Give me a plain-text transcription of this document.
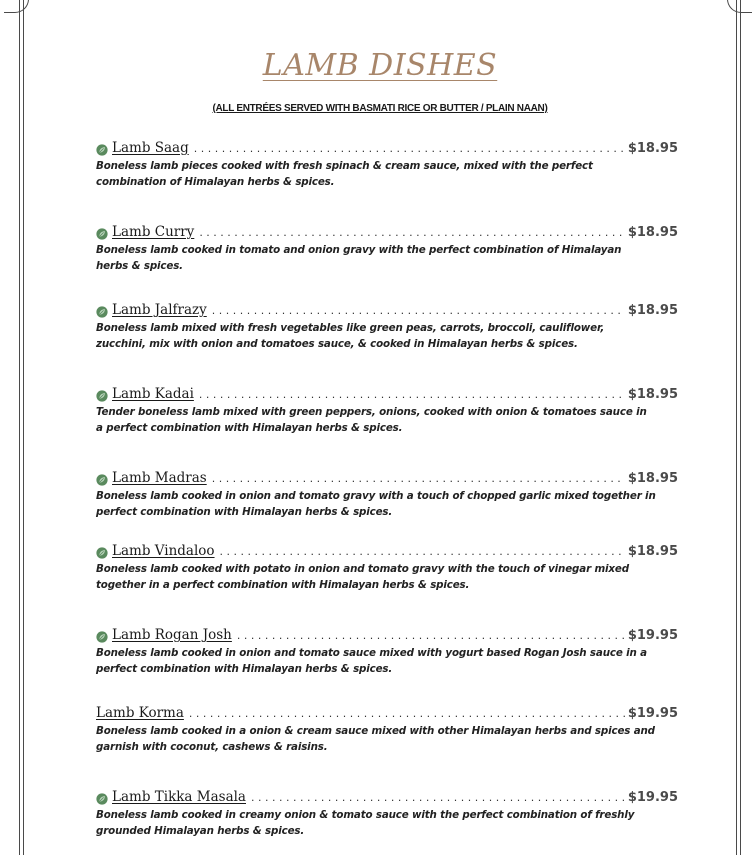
LAMB DISHES
(ALL ENTRÉES SERVED WITH BASMATI RICE OR BUTTER / PLAIN NAAN)
Lamb Saag . . .	$18.95
Boneless lamb pieces cooked with fresh spinach & cream sauce, mixed with the perfect combination of Himalayan herbs & spices.
Lamb Curry . . .	$18.95
Boneless lamb cooked in tomato and onion gravy with the perfect combination of Himalayan herbs & spices.
Lamb Jalfrazy . . .	$18.95
Boneless lamb mixed with fresh vegetables like green peas, carrots, broccoli, cauliflower, zucchini, mix with onion and tomatoes sauce, & cooked in Himalayan herbs & spices.
Lamb Kadai . . .	$18.95
Tender boneless lamb mixed with green peppers, onions, cooked with onion & tomatoes sauce in a perfect combination with Himalayan herbs & spices.
Lamb Madras . . .	$18.95
Boneless lamb cooked in onion and tomato gravy with a touch of chopped garlic mixed together in perfect combination with Himalayan herbs & spices.
Lamb Vindaloo . . .	$18.95
Boneless lamb cooked with potato in onion and tomato gravy with the touch of vinegar mixed together in a perfect combination with Himalayan herbs & spices.
Lamb Rogan Josh . . .	$19.95
Boneless lamb cooked in onion and tomato sauce mixed with yogurt based Rogan Josh sauce in a perfect combination with Himalayan herbs & spices.
Lamb Korma . . .	$19.95
Boneless lamb cooked in a onion & cream sauce mixed with other Himalayan herbs and spices and garnish with coconut, cashews & raisins.
Lamb Tikka Masala . . .	$19.95
Boneless lamb cooked in creamy onion & tomato sauce with the perfect combination of freshly grounded Himalayan herbs & spices.
